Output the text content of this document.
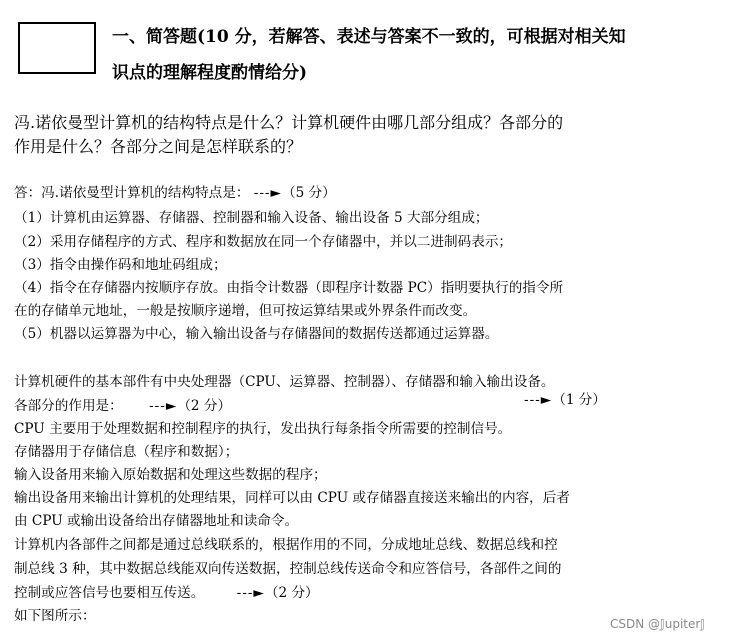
一、简答题(10 分，若解答、表述与答案不一致的，可根据对相关知
识点的理解程度酌情给分)
冯.诺依曼型计算机的结构特点是什么？计算机硬件由哪几部分组成？各部分的
作用是什么？各部分之间是怎样联系的？
答：冯.诺依曼型计算机的结构特点是： ---►（5 分）
（1）计算机由运算器、存储器、控制器和输入设备、输出设备 5 大部分组成；
（2）采用存储程序的方式、程序和数据放在同一个存储器中，并以二进制码表示；
（3）指令由操作码和地址码组成；
（4）指令在存储器内按顺序存放。由指令计数器（即程序计数器 PC）指明要执行的指令所
在的存储单元地址，一般是按顺序递增，但可按运算结果或外界条件而改变。
（5）机器以运算器为中心，输入输出设备与存储器间的数据传送都通过运算器。
计算机硬件的基本部件有中央处理器（CPU、运算器、控制器）、存储器和输入输出设备。
---►（1 分）
各部分的作用是： ---►（2 分）
CPU 主要用于处理数据和控制程序的执行，发出执行每条指令所需要的控制信号。
存储器用于存储信息（程序和数据）；
输入设备用来输入原始数据和处理这些数据的程序；
输出设备用来输出计算机的处理结果，同样可以由 CPU 或存储器直接送来输出的内容，后者
由 CPU 或输出设备给出存储器地址和读命令。
计算机内各部件之间都是通过总线联系的，根据作用的不同，分成地址总线、数据总线和控
制总线 3 种，其中数据总线能双向传送数据，控制总线传送命令和应答信号，各部件之间的
控制或应答信号也要相互传送。 ---►（2 分）
如下图所示：	CSDN @𝕁upiter𝕁
